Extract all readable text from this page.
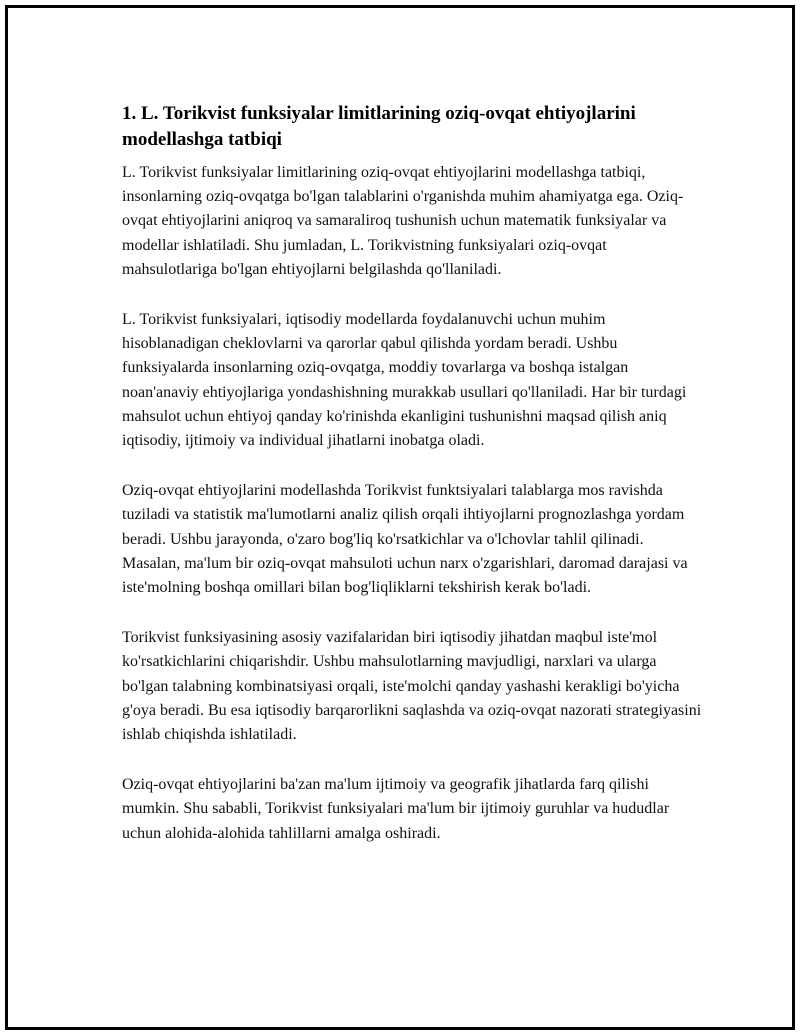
1. L. Torikvist funksiyalar limitlarining oziq-ovqat ehtiyojlarini modellashga tatbiqi

L. Torikvist funksiyalar limitlarining oziq-ovqat ehtiyojlarini modellashga tatbiqi, insonlarning oziq-ovqatga bo'lgan talablarini o'rganishda muhim ahamiyatga ega. Oziq-ovqat ehtiyojlarini aniqroq va samaraliroq tushunish uchun matematik funksiyalar va modellar ishlatiladi. Shu jumladan, L. Torikvistning funksiyalari oziq-ovqat mahsulotlariga bo'lgan ehtiyojlarni belgilashda qo'llaniladi.

L. Torikvist funksiyalari, iqtisodiy modellarda foydalanuvchi uchun muhim hisoblanadigan cheklovlarni va qarorlar qabul qilishda yordam beradi. Ushbu funksiyalarda insonlarning oziq-ovqatga, moddiy tovarlarga va boshqa istalgan noan'anaviy ehtiyojlariga yondashishning murakkab usullari qo'llaniladi. Har bir turdagi mahsulot uchun ehtiyoj qanday ko'rinishda ekanligini tushunishni maqsad qilish aniq iqtisodiy, ijtimoiy va individual jihatlarni inobatga oladi.

Oziq-ovqat ehtiyojlarini modellashda Torikvist funktsiyalari talablarga mos ravishda tuziladi va statistik ma'lumotlarni analiz qilish orqali ihtiyojlarni prognozlashga yordam beradi. Ushbu jarayonda, o'zaro bog'liq ko'rsatkichlar va o'lchovlar tahlil qilinadi. Masalan, ma'lum bir oziq-ovqat mahsuloti uchun narx o'zgarishlari, daromad darajasi va iste'molning boshqa omillari bilan bog'liqliklarni tekshirish kerak bo'ladi.

Torikvist funksiyasining asosiy vazifalaridan biri iqtisodiy jihatdan maqbul iste'mol ko'rsatkichlarini chiqarishdir. Ushbu mahsulotlarning mavjudligi, narxlari va ularga bo'lgan talabning kombinatsiyasi orqali, iste'molchi qanday yashashi kerakligi bo'yicha g'oya beradi. Bu esa iqtisodiy barqarorlikni saqlashda va oziq-ovqat nazorati strategiyasini ishlab chiqishda ishlatiladi.

Oziq-ovqat ehtiyojlarini ba'zan ma'lum ijtimoiy va geografik jihatlarda farq qilishi mumkin. Shu sababli, Torikvist funksiyalari ma'lum bir ijtimoiy guruhlar va hududlar uchun alohida-alohida tahlillarni amalga oshiradi.
